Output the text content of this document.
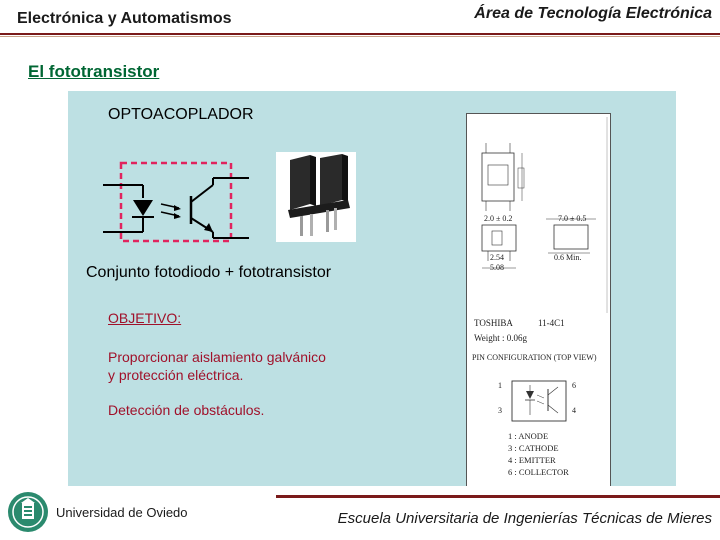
Electrónica y Automatismos	Área de Tecnología Electrónica
El fototransistor
OPTOACOPLADOR
Conjunto fotodiodo + fototransistor
OBJETIVO:
Proporcionar aislamiento galvánico
y protección eléctrica.
Detección de obstáculos.
1
3
6
4
2.0 ± 0.2	7.0 ± 0.5
2.54
5.08
0.6 Min.
TOSHIBA	11-4C1
Weight : 0.06g
PIN CONFIGURATION (TOP VIEW)
1 : ANODE
3 : CATHODE
4 : EMITTER
6 : COLLECTOR
Universidad de Oviedo	Escuela Universitaria de Ingenierías Técnicas de Mieres
